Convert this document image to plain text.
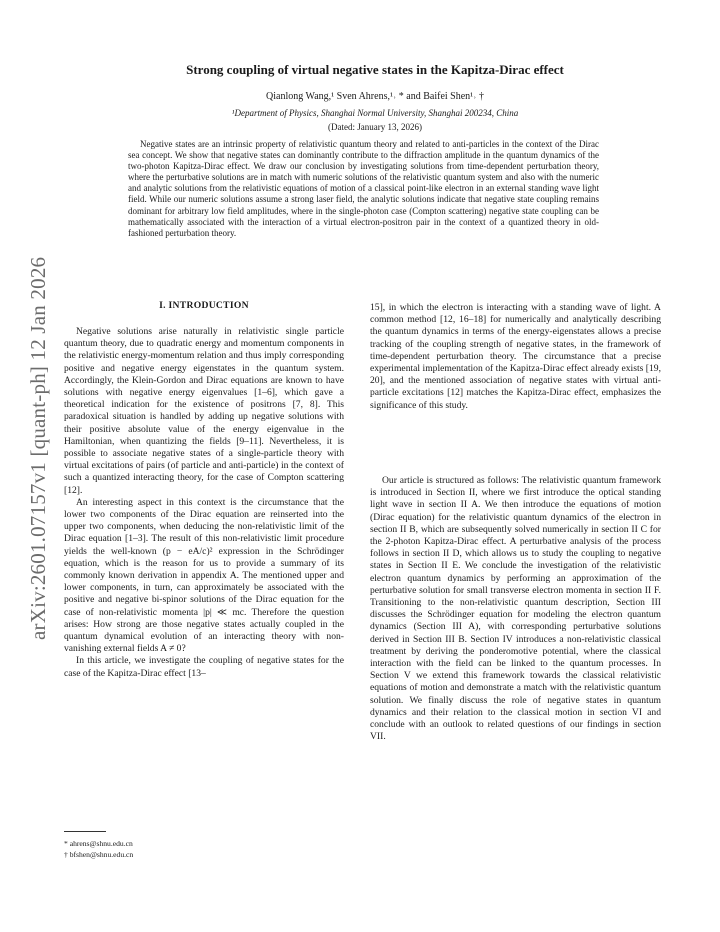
arXiv:2601.07157v1 [quant-ph] 12 Jan 2026
Strong coupling of virtual negative states in the Kapitza-Dirac effect
Qianlong Wang,¹ Sven Ahrens,¹˒ * and Baifei Shen¹˒ †
¹Department of Physics, Shanghai Normal University, Shanghai 200234, China
(Dated: January 13, 2026)
Negative states are an intrinsic property of relativistic quantum theory and related to anti-particles in the context of the Dirac sea concept. We show that negative states can dominantly contribute to the diffraction amplitude in the quantum dynamics of the two-photon Kapitza-Dirac effect. We draw our conclusion by investigating solutions from time-dependent perturbation theory, where the perturbative solutions are in match with numeric solutions of the relativistic quantum system and also with the numeric and analytic solutions from the relativistic equations of motion of a classical point-like electron in an external standing wave light field. While our numeric solutions assume a strong laser field, the analytic solutions indicate that negative state coupling remains dominant for arbitrary low field amplitudes, where in the single-photon case (Compton scattering) negative state coupling can be mathematically associated with the interaction of a virtual electron-positron pair in the context of a quantized theory in old-fashioned perturbation theory.
I. INTRODUCTION

Negative solutions arise naturally in relativistic single particle quantum theory, due to quadratic energy and momentum components in the relativistic energy-momentum relation and thus imply corresponding positive and negative energy eigenstates in the quantum system. Accordingly, the Klein-Gordon and Dirac equations are known to have solutions with negative energy eigenvalues [1–6], which gave a theoretical indication for the existence of positrons [7, 8]. This paradoxical situation is handled by adding up negative solutions with their positive absolute value of the energy eigenvalue in the Hamiltonian, when quantizing the fields [9–11]. Nevertheless, it is possible to associate negative states of a single-particle theory with virtual excitations of pairs (of particle and anti-particle) in the context of such a quantized interacting theory, for the case of Compton scattering [12].

An interesting aspect in this context is the circumstance that the lower two components of the Dirac equation are reinserted into the upper two components, when deducing the non-relativistic limit of the Dirac equation [1–3]. The result of this non-relativistic limit procedure yields the well-known (p − eA/c)² expression in the Schrödinger equation, which is the reason for us to provide a summary of its commonly known derivation in appendix A. The mentioned upper and lower components, in turn, can approximately be associated with the positive and negative bi-spinor solutions of the Dirac equation for the case of non-relativistic momenta |p| ≪ mc. Therefore the question arises: How strong are those negative states actually coupled in the quantum dynamical evolution of an interacting theory with non-vanishing external fields A ≠ 0?

In this article, we investigate the coupling of negative states for the case of the Kapitza-Dirac effect [13–

15], in which the electron is interacting with a standing wave of light. A common method [12, 16–18] for numerically and analytically describing the quantum dynamics in terms of the energy-eigenstates allows a precise tracking of the coupling strength of negative states, in the framework of time-dependent perturbation theory. The circumstance that a precise experimental implementation of the Kapitza-Dirac effect already exists [19, 20], and the mentioned association of negative states with virtual anti-particle excitations [12] matches the Kapitza-Dirac effect, emphasizes the significance of this study.

Our article is structured as follows: The relativistic quantum framework is introduced in Section II, where we first introduce the optical standing light wave in section II A. We then introduce the equations of motion (Dirac equation) for the relativistic quantum dynamics of the electron in section II B, which are subsequently solved numerically in section II C for the 2-photon Kapitza-Dirac effect. A perturbative analysis of the process follows in section II D, which allows us to study the coupling to negative states in Section II E. We conclude the investigation of the relativistic electron quantum dynamics by performing an approximation of the perturbative solution for small transverse electron momenta in section II F. Transitioning to the non-relativistic quantum description, Section III discusses the Schrödinger equation for modeling the electron quantum dynamics (Section III A), with corresponding perturbative solutions derived in Section III B. Section IV introduces a non-relativistic classical treatment by deriving the ponderomotive potential, where the classical interaction with the field can be linked to the quantum processes. In Section V we extend this framework towards the classical relativistic equations of motion and demonstrate a match with the relativistic quantum solution. We finally discuss the role of negative states in quantum dynamics and their relation to the classical motion in section VI and conclude with an outlook to related questions of our findings in section VII.

* ahrens@shnu.edu.cn
† bfshen@shnu.edu.cn
